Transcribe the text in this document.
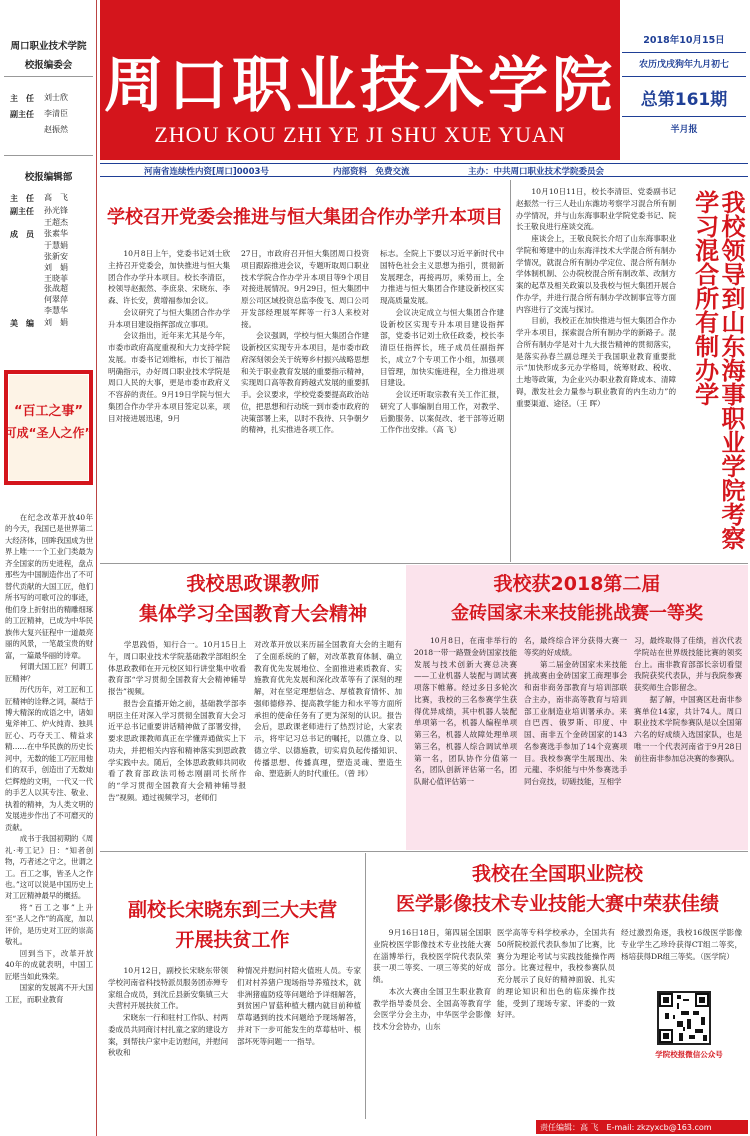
周口职业技术学院
校报编委会
主　任	刘士欣
副主任	李清臣
赵振然
校报编辑部
主　任	高　飞
副主任	孙光锋
王超杰
成　员	张素华
于慧娟
张新安
刘　娟
王晓菲
张战超
何翠萍
李慧华
美　编	刘　娟
“百工之事”
可成“圣人之作”

在纪念改革开放40年的今天，我国已是世界第二大经济体，回眸我国成为世界上唯一一个工业门类最为齐全国家的历史进程，盘点那些为中国制造作出了不可替代贡献的大国工匠，他们所书写的可歌可泣的事迹，他们身上折射出的精雕细琢的工匠精神，已成为中华民族伟大复兴征程中一道最亮丽的风景，一笔最宝贵的财富，一篇最华丽的诗章。

何谓大国工匠？何谓工匠精神？

历代历年，对工匠和工匠精神的诠释之词，凝结于博大精深的成语之中，诸如鬼斧神工、炉火纯青、独具匠心、巧夺天工、精益求精……在中华民族的历史长河中，无数的能工巧匠用他们的双手，创造出了无数灿烂辉煌的文明，一代又一代的手艺人以其专注、敬业、执着的精神，为人类文明的发展进步作出了不可磨灭的贡献。

成书于我国初期的《周礼·考工记》日：“知者创物，巧者述之守之，世谓之工。百工之事，皆圣人之作也。”这可以说是中国历史上对工匠精神最早的概括。

将“百工之事”上升至“圣人之作”的高度，加以评价，是历史对工匠的崇高敬礼。

回到当下，改革开放40年的成就表明，中国工匠堪当如此殊荣。

国家的发展离不开大国工匠，而职业教育

周口职业技术学院
ZHOU KOU ZHI YE JI SHU XUE YUAN
2018年10月15日
农历戊戌狗年九月初七
总第161期
半月报
河南省连续性内资[周口]0003号	内部资料　免费交流	主办：中共周口职业技术学院委员会
学校召开党委会推进与恒大集团合作办学升本项目
　　10月8日上午，党委书记刘士欣主持召开党委会，加快推进与恒大集团合作办学升本项目。校长李清臣，校领导赵振然、李庶泉、宋晓东、李森、许长安，黄增福参加会议。
　　会议研究了与恒大集团合作办学升本项目建设指挥部成立事项。
　　会议指出，近年来尤其是今年，市委市政府高度重视和大力支持学院发展。市委书记刘维标，市长丁福浩明确指示，办好周口职业技术学院是周口人民的大事，更是市委市政府义不容辞的责任。9月19日学院与恒大集团合作办学升本项目签定以来，项目对接进展迅速，9月
27日，市政府召开恒大集团周口投资项目跟踪推进会议，专题听取周口职业技术学院合作办学升本项目等9个项目对接进展情况。9月29日，恒大集团中原公司区域投资总监李俊飞、周口公司开发部经理展军辉等一行3人来校对接。
　　会议强调，学校与恒大集团合作建设新校区实现专升本项目，是市委市政府深刻领会关于统筹乡村振兴战略思想和关于职业教育发展的重要指示精神，实现周口高等教育跨越式发展的重要抓手。会议要求，学校党委要提高政治站位，把思想和行动统一到市委市政府的决策部署上来，以时不我待、只争朝夕的精神，扎实推进各项工作。
标志。全院上下要以习近平新时代中国特色社会主义思想为指引，贯彻新发展理念，再接再厉，乘势而上，全力推进与恒大集团合作建设新校区实现高质量发展。
　　会议决定成立与恒大集团合作建设新校区实现专升本项目建设指挥部，党委书记刘士欣任政委，校长李清臣任指挥长，班子成员任副指挥长，成立7个专项工作小组，加强项目管理，加快实施进程，全力推进项目建设。
　　会议还听取宗教有关工作汇报，研究了人事编制自用工作，对教学、后勤服务、以案促改、老干部等近期工作作出安排。（高 飞）
　　10月10日11日，校长李清臣、党委副书记赵振然一行三人赴山东潍坊考察学习混合所有制办学情况，并与山东海事职业学院党委书记、院长王敬良进行座谈交流。
　　座谈会上，王敬良院长介绍了山东海事职业学院和筹建中的山东海洋技术大学混合所有制办学情况，就混合所有制办学定位、混合所有制办学体制机制、公办院校混合所有制改革、改制方案的起草及相关政策以及我校与恒大集团开展合作办学，并进行混合所有制办学改制事宜等方面内容进行了交流与探讨。
　　目前，我校正在加快推进与恒大集团合作办学升本项目，探索混合所有制办学的新路子。混合所有制办学是对十九大报告精神的贯彻落实，是落实孙春兰副总理关于我国职业教育重要批示“加快形成多元办学格局，统筹财政、税收、土地等政策，为企业兴办职业教育降成本、清障碍，激发社会力量参与职业教育的内生动力”的重要渠道、途径。（王 晖）	我校领导到山东海事职业学院考察学习混合所有制办学
我校思政课教师
集体学习全国教育大会精神
　　学思践悟，知行合一。10月15日上午，周口职业技术学院基础教学部组织全体思政教师在开元校区知行讲堂集中收看教育部“学习贯彻全国教育大会精神辅导报告”视频。
　　报告会直播开始之前，基础教学部李明臣主任对深入学习贯彻全国教育大会习近平总书记重要讲话精神做了部署安排，要求思政课教师真正在学懂弄通做实上下功夫，并把相关内容和精神落实到思政教学实践中去。随后，全体思政教师共同收看了教育部政法司杨志刚副司长所作的“学习贯彻全国教育大会精神辅导报告”视频。通过视频学习，老师们
对改革开放以来历届全国教育大会的主题有了全面系统的了解，对改革教育体制、确立教育优先发展地位、全面推进素质教育、实施教育优先发展和深化改革等有了深刻的理解，对在坚定理想信念、厚植教育情怀、加强师德修养、提高教学能力和水平等方面所承担的使命任务有了更为深刻的认识。报告会后，思政课老师进行了热烈讨论，大家表示，将牢记习总书记的嘱托，以德立身、以德立学、以德施教，切实肩负起传播知识、传播思想、传播真理，塑造灵魂、塑造生命、塑造新人的时代重任。（曾 玮）
我校获2018第二届
金砖国家未来技能挑战赛一等奖
　　10月8日，在南非举行的2018一带一路暨金砖国家技能发展与技术创新大赛总决赛——工业机器人装配与调试赛项落下帷幕。经过多日多轮次比赛，我校的三名参赛学生获得优异成绩，其中机器人装配单项第一名，机器人编程单项第三名，机器人故障处理单项第三名，机器人综合调试单项第一名，团队协作分值第一名，团队创新评估第一名，团队耐心值评估第一
名，最终综合评分获得大赛一等奖的好成绩。
　　第二届金砖国家未来技能挑战赛由金砖国家工商理事会和南非商务部教育与培训部联合主办，南非高等教育与培训部工业制造业培训署承办。来自巴西、俄罗斯、印度、中国、南非五个金砖国家的143名参赛选手参加了14个竞赛项目。我校参赛学生展现出、朱元龍、李炽能与中外参赛选手同台竞技，切磋技能，互相学
习，最终取得了佳绩，首次代表学院站在世界级技能比赛的领奖台上。南非教育部部长亲切看望我院获奖代表队，并与我院参赛获奖师生合影留念。
　　据了解，中国赛区赴南非参赛单位14家，共计74人。周口职业技术学院参赛队是以全国第六名的好成绩入选国家队，也是唯一一个代表河南省于9月28日前往南非参加总决赛的参赛队。
副校长宋晓东到三大夫营
开展扶贫工作
　　10月12日，副校长宋晓东带领学校河南省科技特派员服务团赤殚专家组合成员，到沈丘县新安集镇三大夫营村开展扶贫工作。
　　宋晓东一行和驻村工作队、村两委成员共同商讨村扎童之家的建设方案，到帮扶户家中走访慰问，并慰问秋收和
种情况并慰问村陪火值班人员。专家们对村养猪户现场指导养殖技术，就非洲猪瘟防疫等问题给予详细解答，到贫困户冒菇种植大棚内就目前种植草莓遇到的技术问题给予现场解答，并对下一步可能发生的草莓枯叶、根部坏死等问题一一指导。
我校在全国职业院校
医学影像技术专业技能大赛中荣获佳绩
　　9月16日18日，第四届全国职业院校医学影像技术专业技能大赛在淄博举行，我校医学院代表队荣获一项二等奖、一项三等奖的好成绩。
　　本次大赛由全国卫生职业教育教学指导委员会、全国高等教育学会医学分会主办，中华医学会影像技术分会协办，山东
医学高等专科学校承办，全国共有50所院校派代表队参加了比赛，比赛分为理论考试与实践技能操作两部分。比赛过程中，我校参赛队员充分展示了良好的精神面貌、扎实的理论知识和出色的临床操作技能，受到了现场专家、评委的一致好评。
经过激烈角逐，我校16级医学影像专业学生乙珍玲获得CT组二等奖，杨培获得DR组三等奖。（医学院）
学院校报微信公众号
责任编辑：高 飞　E-mail: zkzyxcb@163.com
